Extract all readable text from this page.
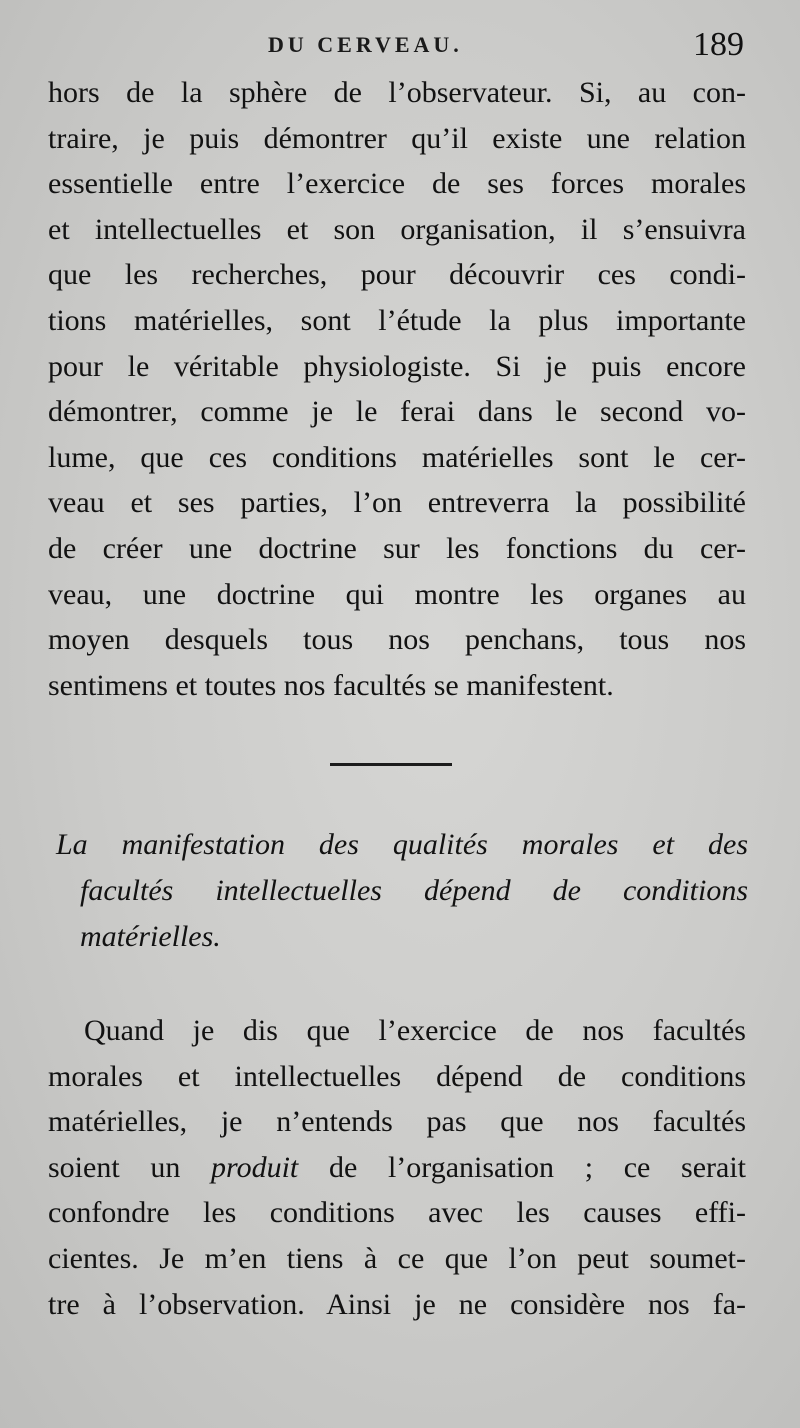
DU CERVEAU.	189
hors de la sphère de l’observateur. Si, au con-
traire, je puis démontrer qu’il existe une relation
essentielle entre l’exercice de ses forces morales
et intellectuelles et son organisation, il s’ensuivra
que les recherches, pour découvrir ces condi-
tions matérielles, sont l’étude la plus importante
pour le véritable physiologiste. Si je puis encore
démontrer, comme je le ferai dans le second vo-
lume, que ces conditions matérielles sont le cer-
veau et ses parties, l’on entreverra la possibilité
de créer une doctrine sur les fonctions du cer-
veau, une doctrine qui montre les organes au
moyen desquels tous nos penchans, tous nos
sentimens et toutes nos facultés se manifestent.
La manifestation des qualités morales et des
facultés intellectuelles dépend de conditions
matérielles.
Quand je dis que l’exercice de nos facultés
morales et intellectuelles dépend de conditions
matérielles, je n’entends pas que nos facultés
soient un produit de l’organisation ; ce serait
confondre les conditions avec les causes effi-
cientes. Je m’en tiens à ce que l’on peut soumet-
tre à l’observation. Ainsi je ne considère nos fa-
